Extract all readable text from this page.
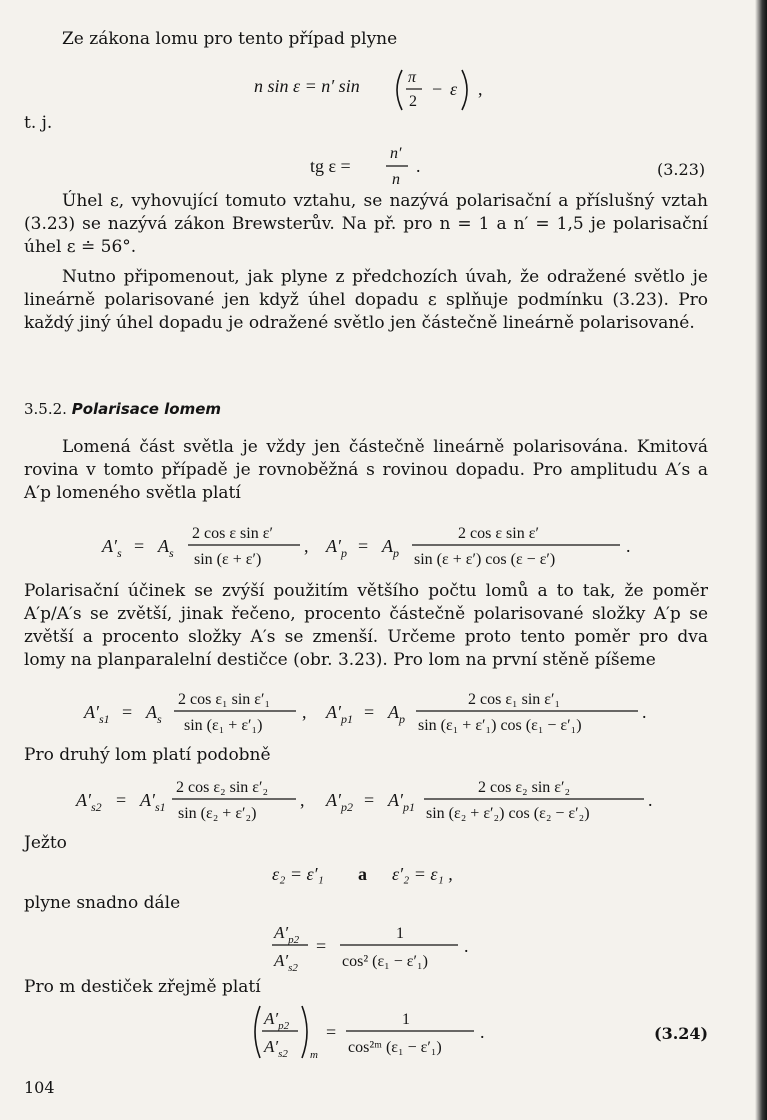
Ze zákona lomu pro tento případ plyne
n sin ε = n′ sin	π
2
− ε ,
t. j.
tg ε =
n′
n
.	(3.23)
Úhel ε, vyhovující tomuto vztahu, se nazývá polarisační a příslušný vztah (3.23) se nazývá zákon Brewsterův. Na př. pro n = 1 a n′ = 1,5 je polarisační úhel ε ≐ 56°.
Nutno připomenout, jak plyne z předchozích úvah, že odražené světlo je lineárně polarisované jen když úhel dopadu ε splňuje podmínku (3.23). Pro každý jiný úhel dopadu je odražené světlo jen částečně lineárně polarisované.
3.5.2. Polarisace lomem
Lomená část světla je vždy jen částečně lineárně polarisována. Kmitová rovina v tomto případě je rovnoběžná s rovinou dopadu. Pro amplitudu A′s a A′p lomeného světla platí
$A'_s = A_s$
2 cos ε sin ε′
sin (ε + ε′)
, $A'_p = A_p$
2 cos ε sin ε′
sin (ε + ε′) cos (ε − ε′)
.
Polarisační účinek se zvýší použitím většího počtu lomů a to tak, že poměr A′p/A′s se zvětší, jinak řečeno, procento částečně polarisované složky A′p se zvětší a procento složky A′s se zmenší. Určeme proto tento poměr pro dva lomy na planparalelní destičce (obr. 3.23). Pro lom na první stěně píšeme
$A'_{s1} = A_s$
2 cos ε₁ sin ε′₁
sin (ε₁ + ε′₁)
, $A'_{p1} = A_p$
2 cos ε₁ sin ε′₁
sin (ε₁ + ε′₁) cos (ε₁ − ε′₁)
.
Pro druhý lom platí podobně
$A'_{s2} = A'_{s1}$
2 cos ε₂ sin ε′₂
sin (ε₂ + ε′₂)
, $A'_{p2} = A'_{p1}$
2 cos ε₂ sin ε′₂
sin (ε₂ + ε′₂) cos (ε₂ − ε′₂)
.
Ježto
ε₂ = ε′₁ a ε′₂ = ε₁ ,
plyne snadno dále
$A'_{p2}$
$A'_{s2}$
=
1
cos² (ε₁ − ε′₁)
.
Pro m destiček zřejmě platí
$A'_{p2}$
$A'_{s2}$ m
=
1
cos²ᵐ (ε₁ − ε′₁)
.	(3.24)
104
